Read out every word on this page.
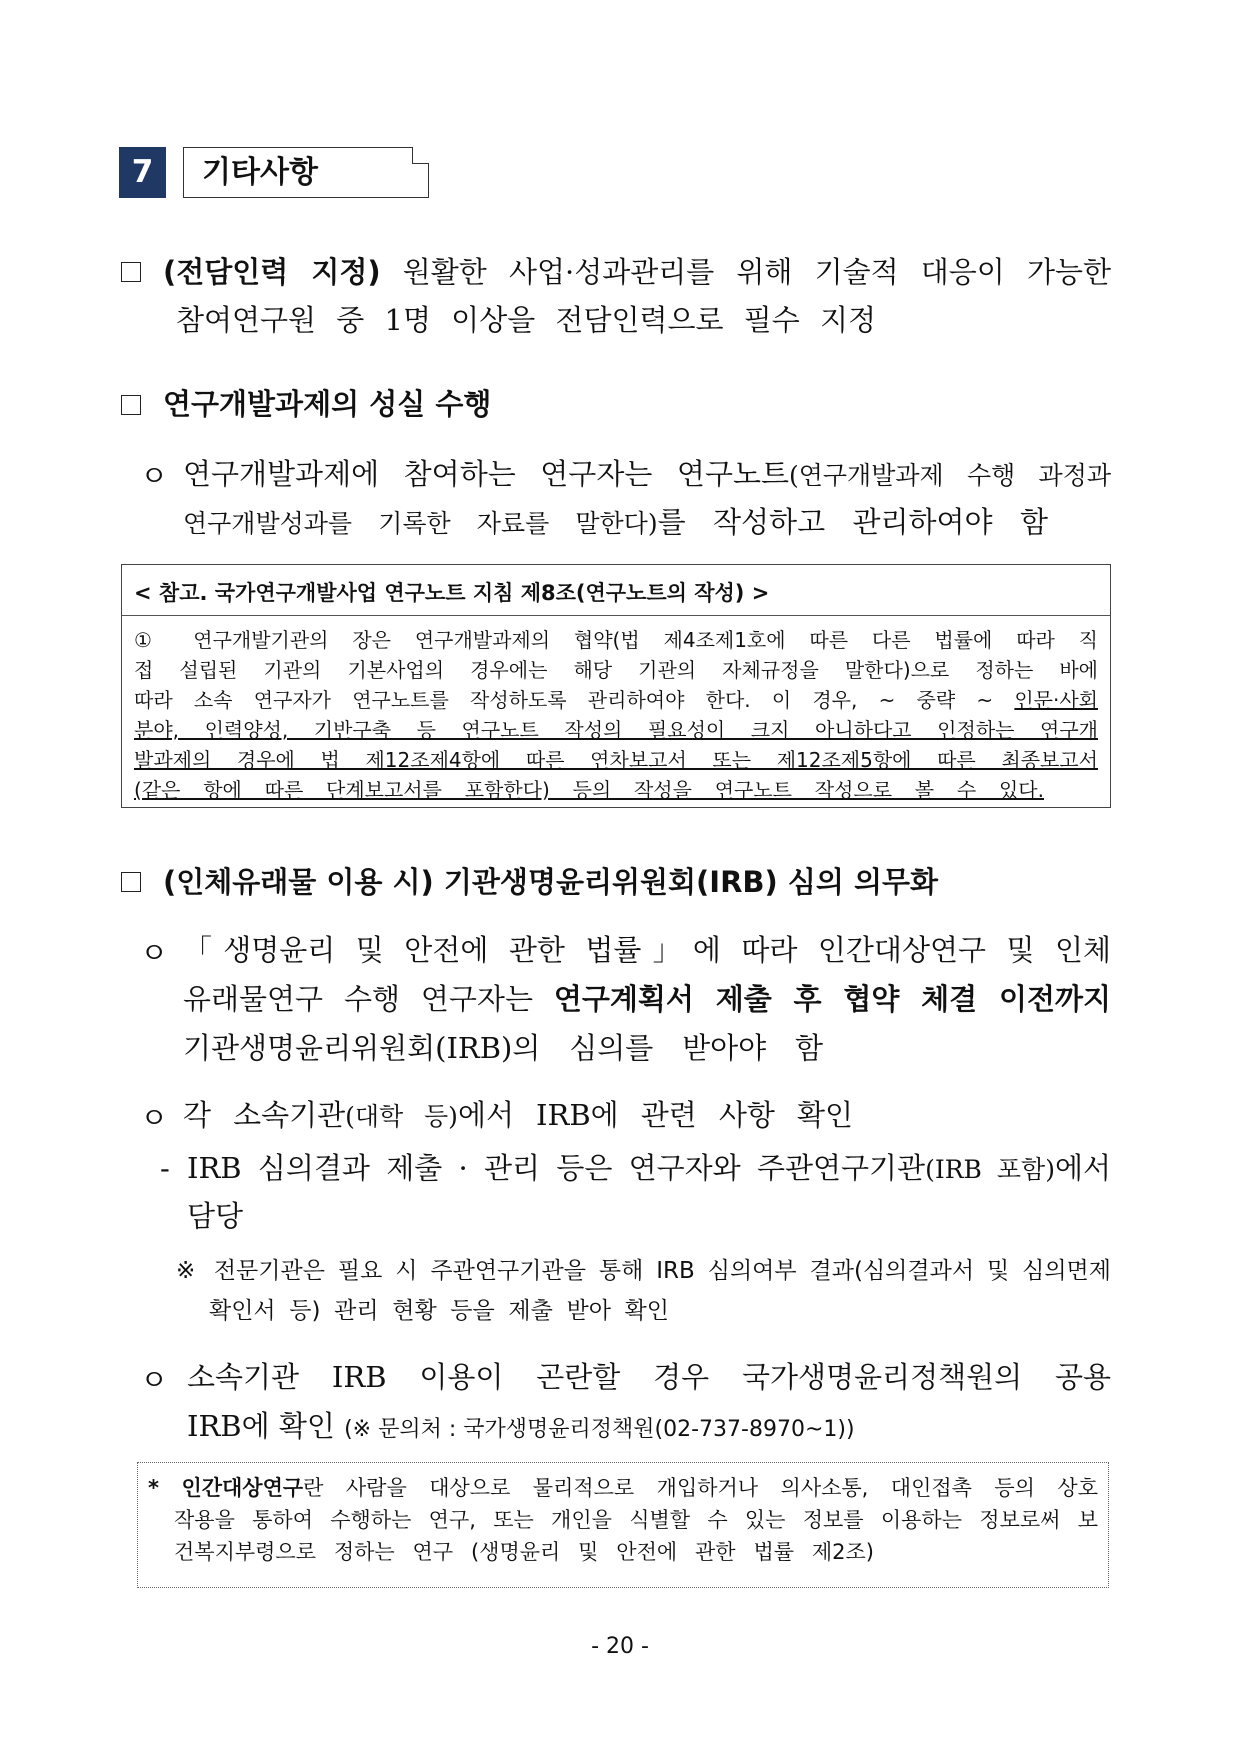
7	기타사항
(전담인력 지정) 원활한 사업·성과관리를 위해 기술적 대응이 가능한
참여연구원 중 1명 이상을 전담인력으로 필수 지정
연구개발과제의 성실 수행
ㅇ 연구개발과제에 참여하는 연구자는 연구노트(연구개발과제 수행 과정과
연구개발성과를 기록한 자료를 말한다)를 작성하고 관리하여야 함
< 참고. 국가연구개발사업 연구노트 지침 제8조(연구노트의 작성) >
① 연구개발기관의 장은 연구개발과제의 협약(법 제4조제1호에 따른 다른 법률에 따라 직
접 설립된 기관의 기본사업의 경우에는 해당 기관의 자체규정을 말한다)으로 정하는 바에
따라 소속 연구자가 연구노트를 작성하도록 관리하여야 한다. 이 경우, ~ 중략 ~ 인문·사회
분야, 인력양성, 기반구축 등 연구노트 작성의 필요성이 크지 아니하다고 인정하는 연구개
발과제의 경우에 법 제12조제4항에 따른 연차보고서 또는 제12조제5항에 따른 최종보고서
(같은 항에 따른 단계보고서를 포함한다) 등의 작성을 연구노트 작성으로 볼 수 있다.
(인체유래물 이용 시) 기관생명윤리위원회(IRB) 심의 의무화
ㅇ 「생명윤리 및 안전에 관한 법률」에 따라 인간대상연구 및 인체
유래물연구 수행 연구자는 연구계획서 제출 후 협약 체결 이전까지
기관생명윤리위원회(IRB)의 심의를 받아야 함
ㅇ 각 소속기관(대학 등)에서 IRB에 관련 사항 확인
- IRB 심의결과 제출 · 관리 등은 연구자와 주관연구기관(IRB 포함)에서
담당
※ 전문기관은 필요 시 주관연구기관을 통해 IRB 심의여부 결과(심의결과서 및 심의면제
확인서 등) 관리 현황 등을 제출 받아 확인
ㅇ 소속기관 IRB 이용이 곤란할 경우 국가생명윤리정책원의 공용
IRB에 확인 (※ 문의처 : 국가생명윤리정책원(02-737-8970~1))
* 인간대상연구란 사람을 대상으로 물리적으로 개입하거나 의사소통, 대인접촉 등의 상호
작용을 통하여 수행하는 연구, 또는 개인을 식별할 수 있는 정보를 이용하는 정보로써 보
건복지부령으로 정하는 연구 (생명윤리 및 안전에 관한 법률 제2조)
- 20 -
